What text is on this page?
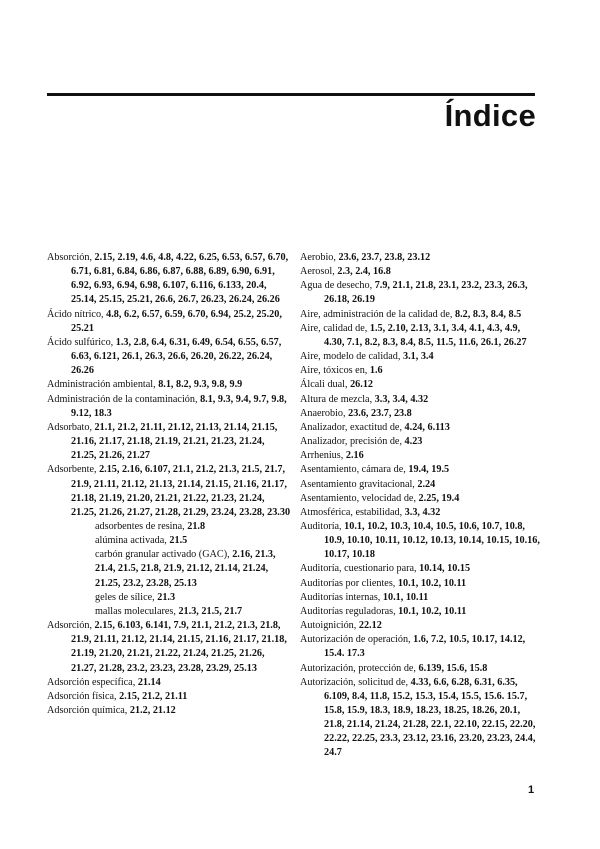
Índice
Absorción, 2.15, 2.19, 4.6, 4.8, 4.22, 6.25, 6.53, 6.57, 6.70, 6.71, 6.81, 6.84, 6.86, 6.87, 6.88, 6.89, 6.90, 6.91, 6.92, 6.93, 6.94, 6.98, 6.107, 6.116, 6.133, 20.4, 25.14, 25.15, 25.21, 26.6, 26.7, 26.23, 26.24, 26.26
Ácido nítrico, 4.8, 6.2, 6.57, 6.59, 6.70, 6.94, 25.2, 25.20, 25.21
Ácido sulfúrico, 1.3, 2.8, 6.4, 6.31, 6.49, 6.54, 6.55, 6.57, 6.63, 6.121, 26.1, 26.3, 26.6, 26.20, 26.22, 26.24, 26.26
Administración ambiental, 8.1, 8.2, 9.3, 9.8, 9.9
Administración de la contaminación, 8.1, 9.3, 9.4, 9.7, 9.8, 9.12, 18.3
Adsorbato, 21.1, 21.2, 21.11, 21.12, 21.13, 21.14, 21.15, 21.16, 21.17, 21.18, 21.19, 21.21, 21.23, 21.24, 21.25, 21.26, 21.27
Adsorbente, 2.15, 2.16, 6.107, 21.1, 21.2, 21.3, 21.5, 21.7, 21.9, 21.11, 21.12, 21.13, 21.14, 21.15, 21.16, 21.17, 21.18, 21.19, 21.20, 21.21, 21.22, 21.23, 21.24, 21.25, 21.26, 21.27, 21.28, 21.29, 23.24, 23.28, 23.30
adsorbentes de resina, 21.8
alúmina activada, 21.5
carbón granular activado (GAC), 2.16, 21.3, 21.4, 21.5, 21.8, 21.9, 21.12, 21.14, 21.24, 21.25, 23.2, 23.28, 25.13
geles de sílice, 21.3
mallas moleculares, 21.3, 21.5, 21.7
Adsorción, 2.15, 6.103, 6.141, 7.9, 21.1, 21.2, 21.3, 21.8, 21.9, 21.11, 21.12, 21.14, 21.15, 21.16, 21.17, 21.18, 21.19, 21.20, 21.21, 21.22, 21.24, 21.25, 21.26, 21.27, 21.28, 23.2, 23.23, 23.28, 23.29, 25.13
Adsorción específica, 21.14
Adsorción física, 2.15, 21.2, 21.11
Adsorción química, 21.2, 21.12
Aerobio, 23.6, 23.7, 23.8, 23.12
Aerosol, 2.3, 2.4, 16.8
Agua de desecho, 7.9, 21.1, 21.8, 23.1, 23.2, 23.3, 26.3, 26.18, 26.19
Aire, administración de la calidad de, 8.2, 8.3, 8.4, 8.5
Aire, calidad de, 1.5, 2.10, 2.13, 3.1, 3.4, 4.1, 4.3, 4.9, 4.30, 7.1, 8.2, 8.3, 8.4, 8.5, 11.5, 11.6, 26.1, 26.27
Aire, modelo de calidad, 3.1, 3.4
Aire, tóxicos en, 1.6
Álcali dual, 26.12
Altura de mezcla, 3.3, 3.4, 4.32
Anaerobio, 23.6, 23.7, 23.8
Analizador, exactitud de, 4.24, 6.113
Analizador, precisión de, 4.23
Arrhenius, 2.16
Asentamiento, cámara de, 19.4, 19.5
Asentamiento gravitacional, 2.24
Asentamiento, velocidad de, 2.25, 19.4
Atmosférica, estabilidad, 3.3, 4.32
Auditoría, 10.1, 10.2, 10.3, 10.4, 10.5, 10.6, 10.7, 10.8, 10.9, 10.10, 10.11, 10.12, 10.13, 10.14, 10.15, 10.16, 10.17, 10.18
Auditoría, cuestionario para, 10.14, 10.15
Auditorías por clientes, 10.1, 10.2, 10.11
Auditorías internas, 10.1, 10.11
Auditorías reguladoras, 10.1, 10.2, 10.11
Autoignición, 22.12
Autorización de operación, 1.6, 7.2, 10.5, 10.17, 14.12, 15.4. 17.3
Autorización, protección de, 6.139, 15.6, 15.8
Autorización, solicitud de, 4.33, 6.6, 6.28, 6.31, 6.35, 6.109, 8.4, 11.8, 15.2, 15.3, 15.4, 15.5, 15.6. 15.7, 15.8, 15.9, 18.3, 18.9, 18.23, 18.25, 18.26, 20.1, 21.8, 21.14, 21.24, 21.28, 22.1, 22.10, 22.15, 22.20, 22.22, 22.25, 23.3, 23.12, 23.16, 23.20, 23.23, 24.4, 24.7
1
